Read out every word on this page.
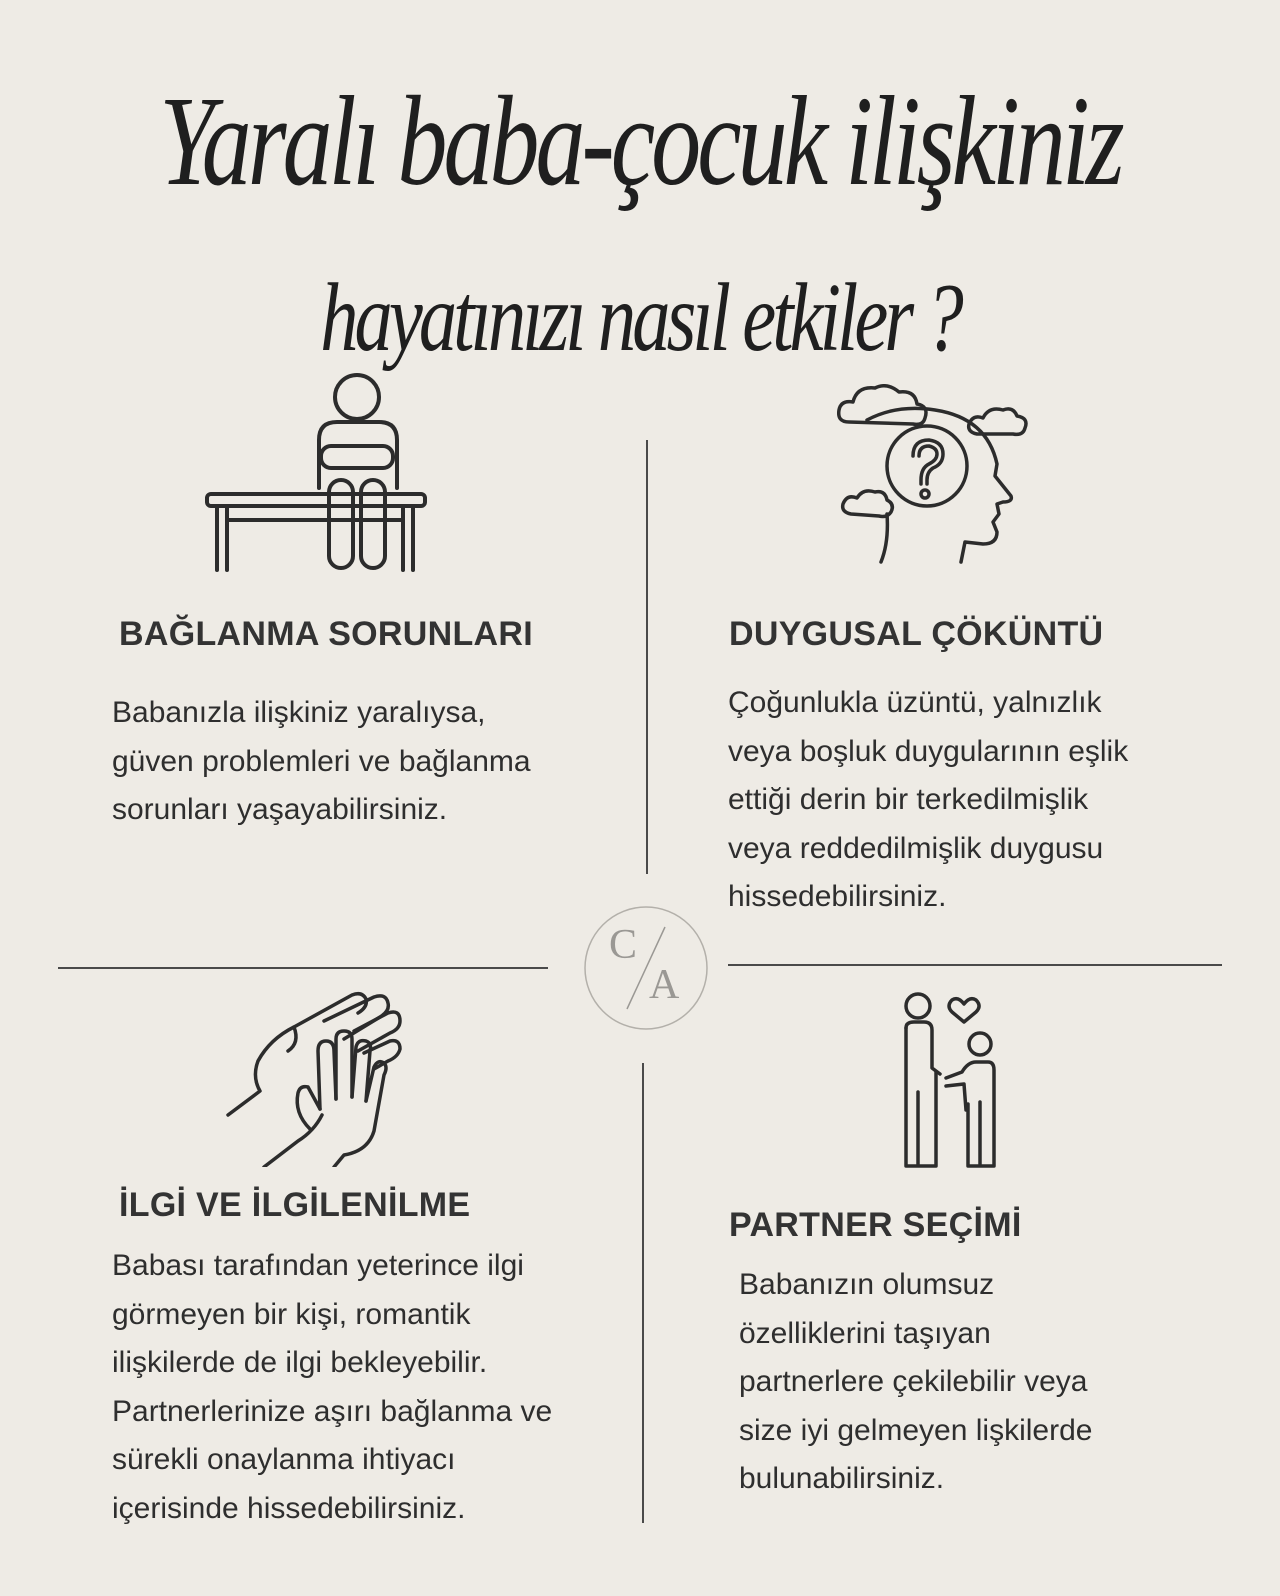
Yaralı baba-çocuk ilişkiniz
hayatınızı nasıl etkiler ?
C
A
BAĞLANMA SORUNLARI

Babanızla ilişkiniz yaralıysa,
güven problemleri ve bağlanma
sorunları yaşayabilirsiniz.

DUYGUSAL ÇÖKÜNTÜ

Çoğunlukla üzüntü, yalnızlık
veya boşluk duygularının eşlik
ettiği derin bir terkedilmişlik
veya reddedilmişlik duygusu
hissedebilirsiniz.

İLGİ VE İLGİLENİLME

Babası tarafından yeterince ilgi
görmeyen bir kişi, romantik
ilişkilerde de ilgi bekleyebilir.
Partnerlerinize aşırı bağlanma ve
sürekli onaylanma ihtiyacı
içerisinde hissedebilirsiniz.

PARTNER SEÇİMİ

Babanızın olumsuz
özelliklerini taşıyan
partnerlere çekilebilir veya
size iyi gelmeyen lişkilerde
bulunabilirsiniz.
